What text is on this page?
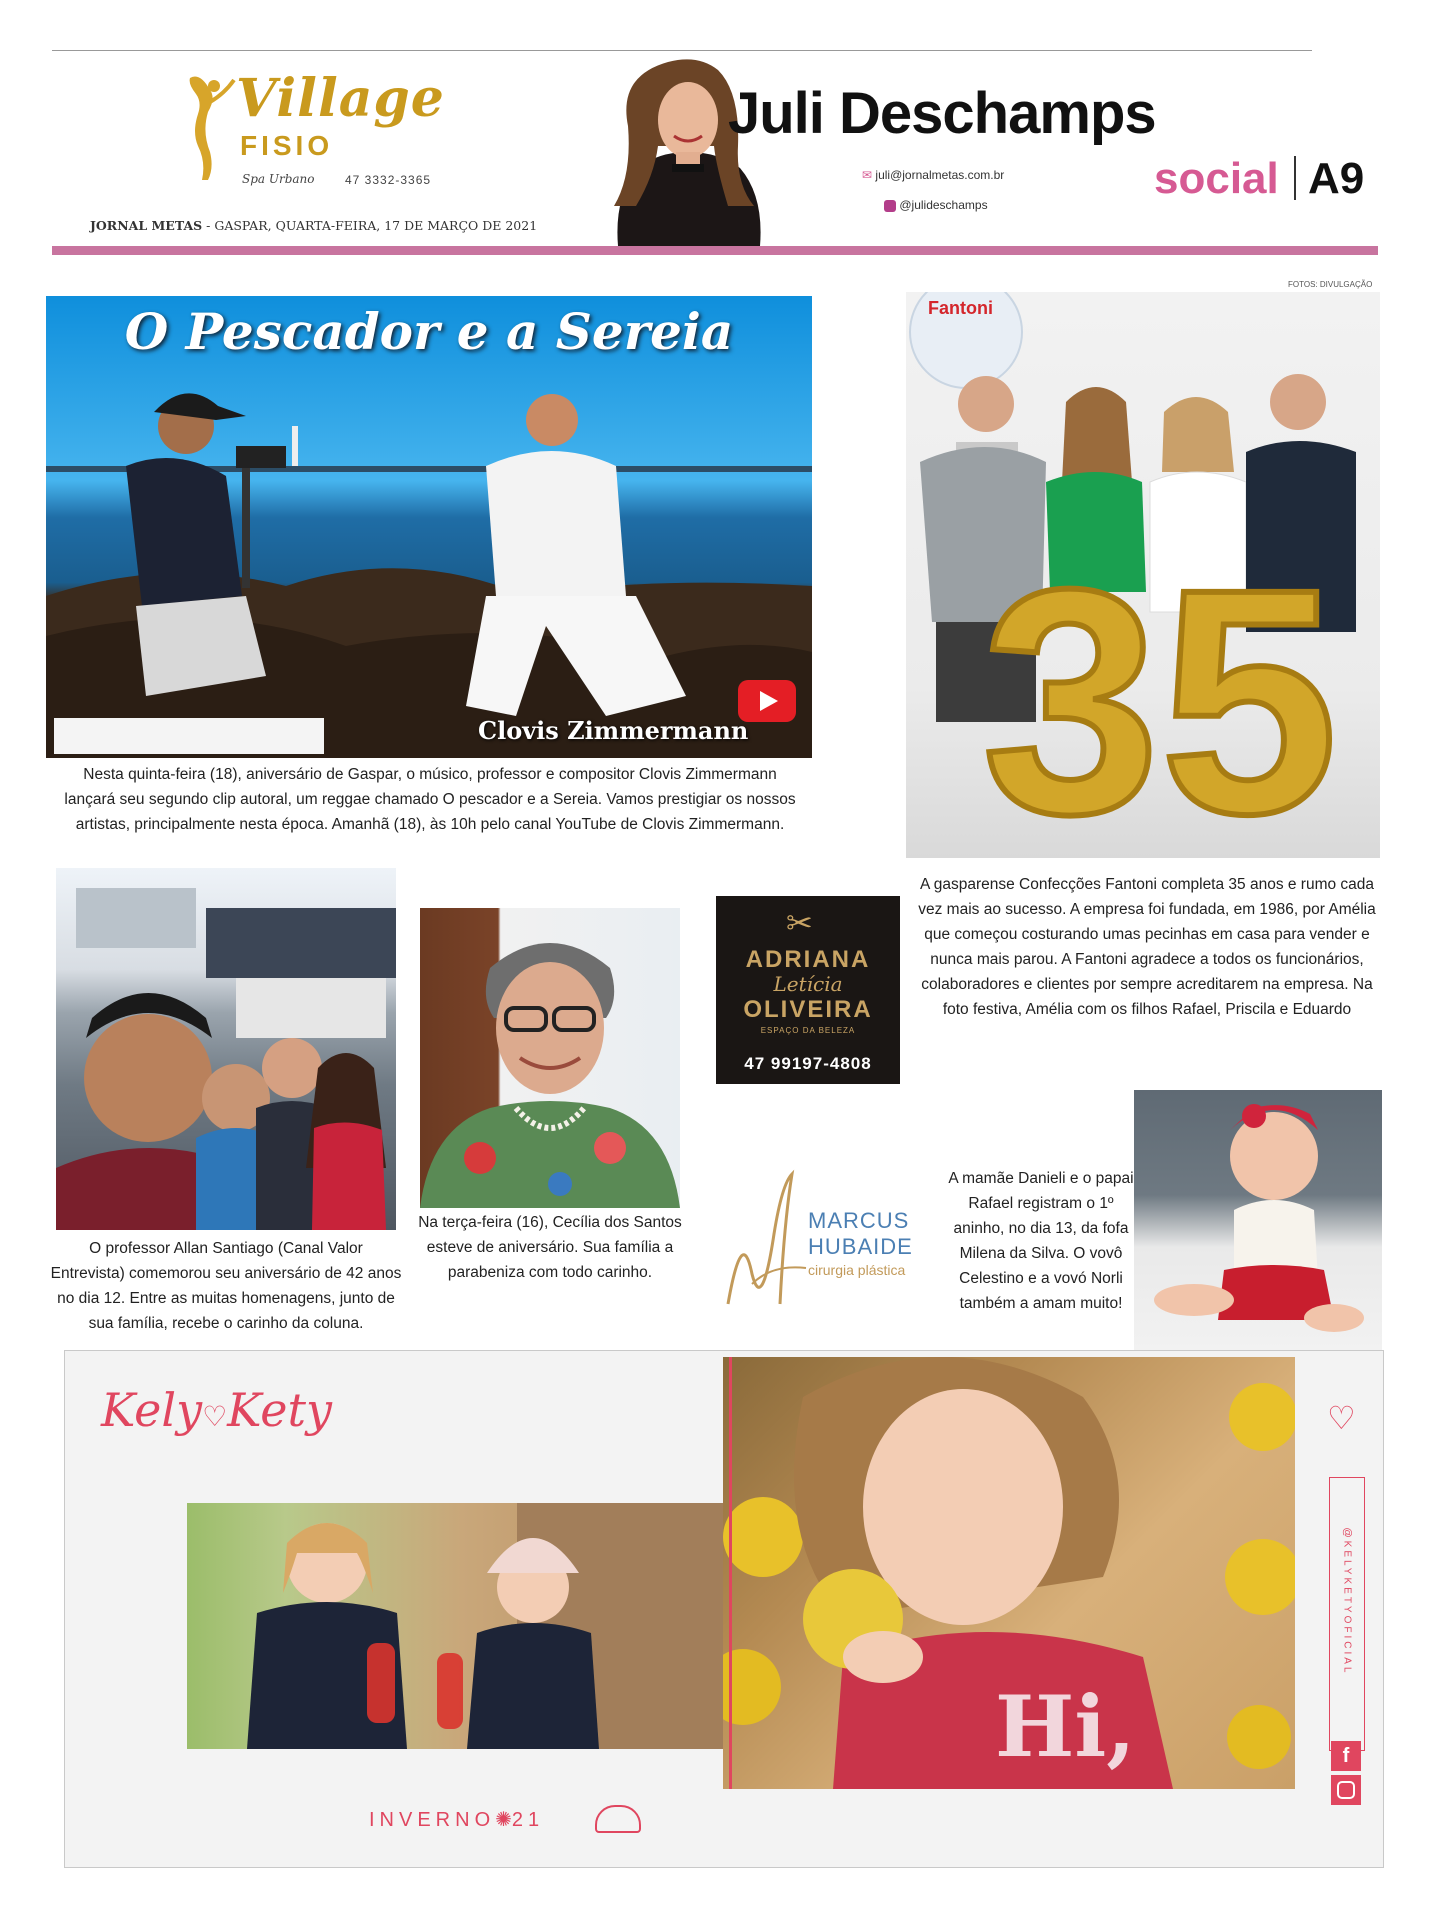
Village
FISIO
Spa Urbano	47 3332-3365
JORNAL METAS - GASPAR, QUARTA-FEIRA, 17 DE MARÇO DE 2021
Juli Deschamps
✉ juli@jornalmetas.com.br
@julideschamps
social A9
FOTOS: DIVULGAÇÃO
O Pescador e a Sereia
Clovis Zimmermann
Nesta quinta-feira (18), aniversário de Gaspar, o músico, professor e compositor Clovis Zimmermann lançará seu segundo clip autoral, um reggae chamado O pescador e a Sereia. Vamos prestigiar os nossos artistas, principalmente nesta época. Amanhã (18), às 10h pelo canal YouTube de Clovis Zimmermann.
Fantoni
35
A gasparense Confecções Fantoni completa 35 anos e rumo cada vez mais ao sucesso. A empresa foi fundada, em 1986, por Amélia que começou costurando umas pecinhas em casa para vender e nunca mais parou. A Fantoni agradece a todos os funcionários, colaboradores e clientes por sempre acreditarem na empresa. Na foto festiva, Amélia com os filhos Rafael, Priscila e Eduardo
O professor Allan Santiago (Canal Valor Entrevista) comemorou seu aniversário de 42 anos no dia 12. Entre as muitas homenagens, junto de sua família, recebe o carinho da coluna.
Na terça-feira (16), Cecília dos Santos esteve de aniversário. Sua família a parabeniza com todo carinho.
✂
ADRIANA
Letícia
OLIVEIRA
ESPAÇO DA BELEZA
47 99197-4808
MARCUS
HUBAIDE
cirurgia plástica
A mamãe Danieli e o papai Rafael registram o 1º aninho, no dia 13, da fofa Milena da Silva. O vovô Celestino e a vovó Norli também a amam muito!
Kely♡Kety
Hi,
INVERNO✺21
♡
@KELYKETYOFICIAL
f
